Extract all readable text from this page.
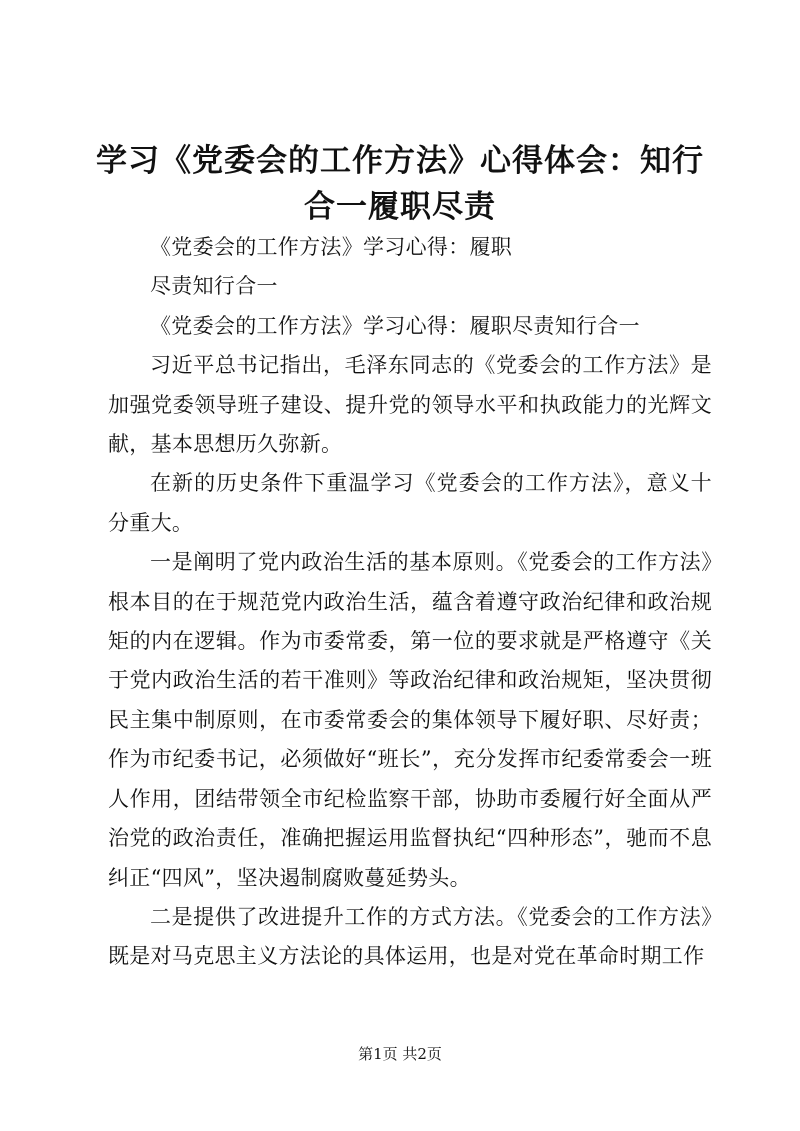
学习《党委会的工作方法》心得体会：知行合一履职尽责

《党委会的工作方法》学习心得：履职

尽责知行合一

《党委会的工作方法》学习心得：履职尽责知行合一

习近平总书记指出，毛泽东同志的《党委会的工作方法》是加强党委领导班子建设、提升党的领导水平和执政能力的光辉文献，基本思想历久弥新。

在新的历史条件下重温学习《党委会的工作方法》，意义十分重大。

一是阐明了党内政治生活的基本原则。《党委会的工作方法》根本目的在于规范党内政治生活，蕴含着遵守政治纪律和政治规矩的内在逻辑。作为市委常委，第一位的要求就是严格遵守《关于党内政治生活的若干准则》等政治纪律和政治规矩，坚决贯彻民主集中制原则，在市委常委会的集体领导下履好职、尽好责；作为市纪委书记，必须做好“班长”，充分发挥市纪委常委会一班人作用，团结带领全市纪检监察干部，协助市委履行好全面从严治党的政治责任，准确把握运用监督执纪“四种形态”，驰而不息纠正“四风”，坚决遏制腐败蔓延势头。

二是提供了改进提升工作的方式方法。《党委会的工作方法》既是对马克思主义方法论的具体运用，也是对党在革命时期工作

第1页 共2页
